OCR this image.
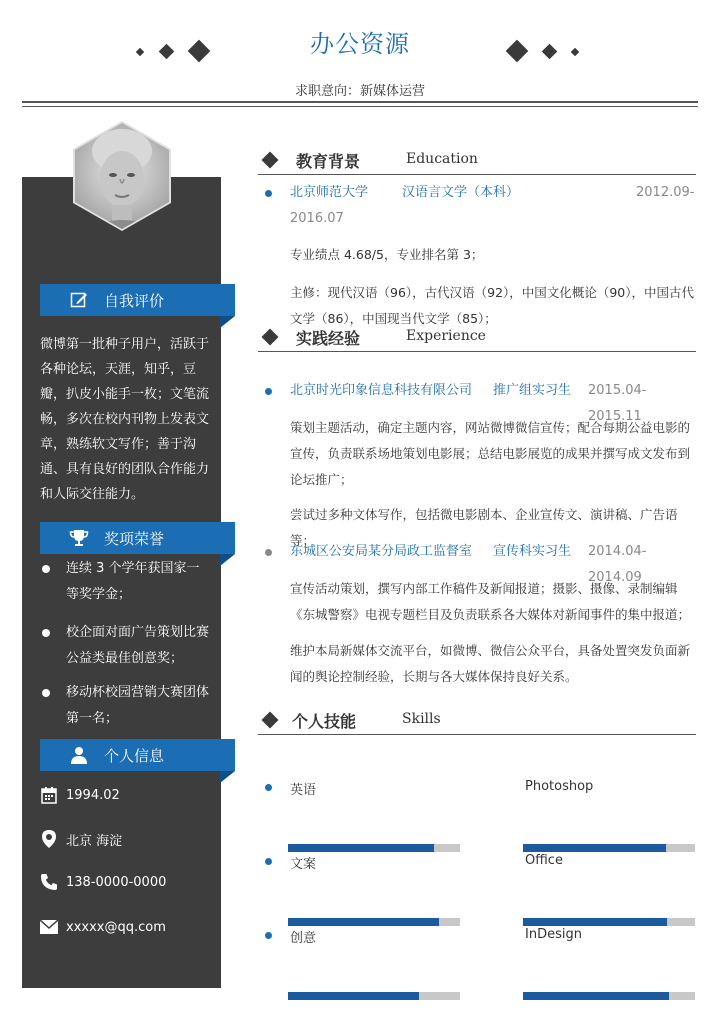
办公资源
求职意向：新媒体运营
自我评价
微博第一批种子用户，活跃于各种论坛，天涯，知乎，豆瓣，扒皮小能手一枚；文笔流畅，多次在校内刊物上发表文章，熟练软文写作；善于沟通、具有良好的团队合作能力和人际交往能力。
奖项荣誉
连续 3 个学年获国家一等奖学金；
校企面对面广告策划比赛公益类最佳创意奖；
移动杯校园营销大赛团体第一名；
个人信息
1994.02
北京 海淀
138-0000-0000
xxxxx@qq.com
教育背景	Education
北京师范大学	汉语言文学（本科）	2012.09-
2016.07
专业绩点 4.68/5，专业排名第 3；
主修：现代汉语（96），古代汉语（92），中国文化概论（90），中国古代文学（86），中国现当代文学（85）；
实践经验	Experience
北京时光印象信息科技有限公司 推广组实习生 2015.04-2015.11
策划主题活动，确定主题内容，网站微博微信宣传；配合每期公益电影的宣传，负责联系场地策划电影展；总结电影展览的成果并撰写成文发布到论坛推广；
尝试过多种文体写作，包括微电影剧本、企业宣传文、演讲稿、广告语等；
东城区公安局某分局政工监督室 宣传科实习生 2014.04-2014.09
宣传活动策划，撰写内部工作稿件及新闻报道；摄影、摄像、录制编辑《东城警察》电视专题栏目及负责联系各大媒体对新闻事件的集中报道；
维护本局新媒体交流平台，如微博、微信公众平台，具备处置突发负面新闻的舆论控制经验，长期与各大媒体保持良好关系。
个人技能	Skills
英语	Photoshop
文案	Office
创意	InDesign
